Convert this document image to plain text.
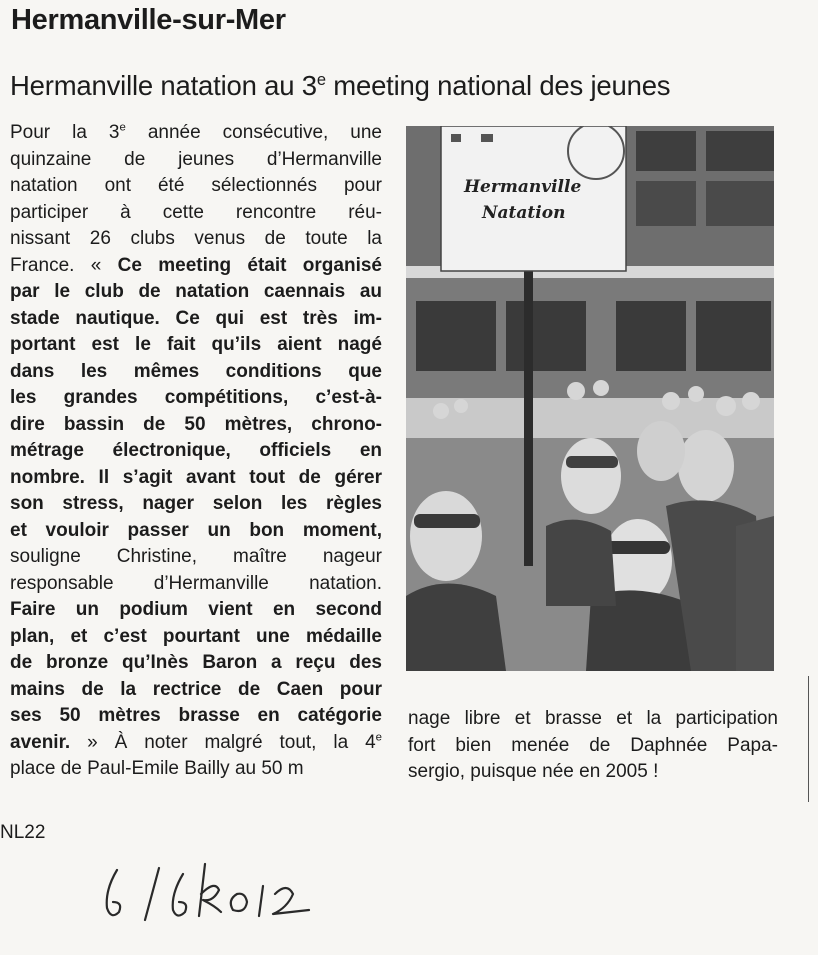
Hermanville-sur-Mer
Hermanville natation au 3e meeting national des jeunes
Pour la 3e année consécutive, une
quinzaine de jeunes d’Hermanville
natation ont été sélectionnés pour
participer à cette rencontre réu-
nissant 26 clubs venus de toute la
France. « Ce meeting était organisé
par le club de natation caennais au
stade nautique. Ce qui est très im-
portant est le fait qu’ils aient nagé
dans les mêmes conditions que
les grandes compétitions, c’est-à-
dire bassin de 50 mètres, chrono-
métrage électronique, officiels en
nombre. Il s’agit avant tout de gérer
son stress, nager selon les règles
et vouloir passer un bon moment,
souligne Christine, maître nageur
responsable d’Hermanville natation.
Faire un podium vient en second
plan, et c’est pourtant une médaille
de bronze qu’Inès Baron a reçu des
mains de la rectrice de Caen pour
ses 50 mètres brasse en catégorie
avenir. » À noter malgré tout, la 4e
place de Paul-Emile Bailly au 50 m
Hermanville
Natation
nage libre et brasse et la participation
fort bien menée de Daphnée Papa-
sergio, puisque née en 2005 !
NL22
